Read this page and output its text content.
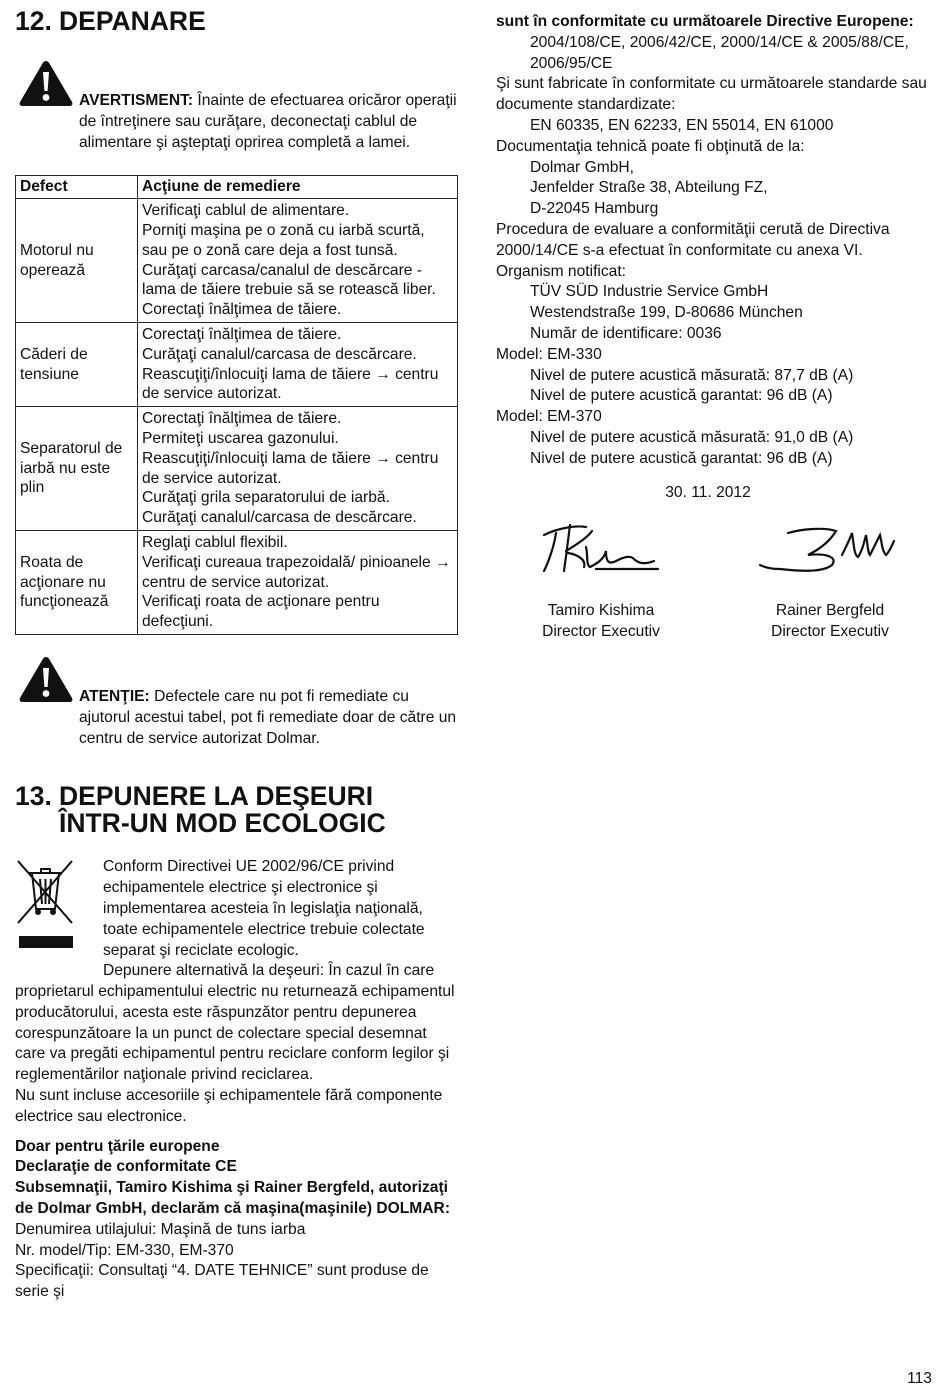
12. DEPANARE

AVERTISMENT: Înainte de efectuarea oricăror operaţii de întreţinere sau curăţare, deconectaţi cablul de alimentare şi aşteptaţi oprirea completă a lamei.

Defect	Acţiune de remediere
Motorul nu operează	Verificaţi cablul de alimentare.
Porniţi maşina pe o zonă cu iarbă scurtă, sau pe o zonă care deja a fost tunsă.
Curăţaţi carcasa/canalul de descărcare - lama de tăiere trebuie să se rotească liber.
Corectaţi înălţimea de tăiere.

Căderi de tensiune	Corectaţi înălţimea de tăiere.
Curăţaţi canalul/carcasa de descărcare.
Reascuţiţi/înlocuiţi lama de tăiere → centru de service autorizat.

Separatorul de iarbă nu este plin	Corectaţi înălţimea de tăiere.
Permiteţi uscarea gazonului.
Reascuţiţi/înlocuiţi lama de tăiere → centru de service autorizat.
Curăţaţi grila separatorului de iarbă.
Curăţaţi canalul/carcasa de descărcare.

Roata de acţionare nu funcţionează	Reglaţi cablul flexibil.
Verificaţi cureaua trapezoidală/ pinioanele → centru de service autorizat.
Verificaţi roata de acţionare pentru defecţiuni.

ATENŢIE: Defectele care nu pot fi remediate cu ajutorul acestui tabel, pot fi remediate doar de către un centru de service autorizat Dolmar.

13. DEPUNERE LA DEŞEURI
ÎNTR-UN MOD ECOLOGIC

Conform Directivei UE 2002/96/CE privind echipamentele electrice şi electronice şi implementarea acesteia în legislaţia naţională, toate echipamentele electrice trebuie colectate separat şi reciclate ecologic.

Depunere alternativă la deşeuri: În cazul în care proprietarul echipamentului electric nu returnează echipamentul producătorului, acesta este răspunzător pentru depunerea corespunzătoare la un punct de colectare special desemnat care va pregăti echipamentul pentru reciclare conform legilor şi reglementărilor naţionale privind reciclarea.

Nu sunt incluse accesoriile şi echipamentele fără componente electrice sau electronice.

Doar pentru ţările europene

Declaraţie de conformitate CE

Subsemnaţii, Tamiro Kishima şi Rainer Bergfeld, autorizaţi de Dolmar GmbH, declarăm că maşina(maşinile) DOLMAR:

Denumirea utilajului: Maşină de tuns iarba

Nr. model/Tip: EM-330, EM-370

Specificaţii: Consultaţi “4. DATE TEHNICE” sunt produse de serie şi

sunt în conformitate cu următoarele Directive Europene:

2004/108/CE, 2006/42/CE, 2000/14/CE & 2005/88/CE, 2006/95/CE

Şi sunt fabricate în conformitate cu următoarele standarde sau documente standardizate:

EN 60335, EN 62233, EN 55014, EN 61000

Documentaţia tehnică poate fi obţinută de la:

Dolmar GmbH,

Jenfelder Straße 38, Abteilung FZ,

D-22045 Hamburg

Procedura de evaluare a conformităţii cerută de Directiva 2000/14/CE s-a efectuat în conformitate cu anexa VI.

Organism notificat:

TÜV SÜD Industrie Service GmbH

Westendstraße 199, D-80686 München

Număr de identificare: 0036

Model: EM-330

Nivel de putere acustică măsurată: 87,7 dB (A)

Nivel de putere acustică garantat: 96 dB (A)

Model: EM-370

Nivel de putere acustică măsurată: 91,0 dB (A)

Nivel de putere acustică garantat: 96 dB (A)

30. 11. 2012

Tamiro Kishima

Director Executiv

Rainer Bergfeld

Director Executiv

113
